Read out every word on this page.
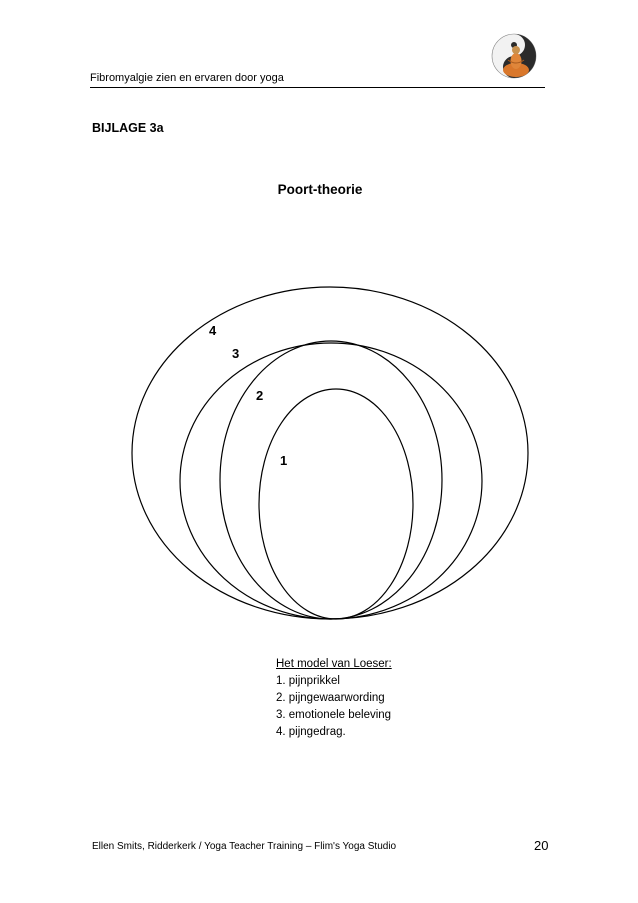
Fibromyalgie zien en ervaren door yoga
BIJLAGE 3a
Poort-theorie
4
3
2
1
Het model van Loeser:
1. pijnprikkel
2. pijngewaarwording
3. emotionele beleving
4. pijngedrag.
Ellen Smits, Ridderkerk / Yoga Teacher Training – Flim's Yoga Studio	20
